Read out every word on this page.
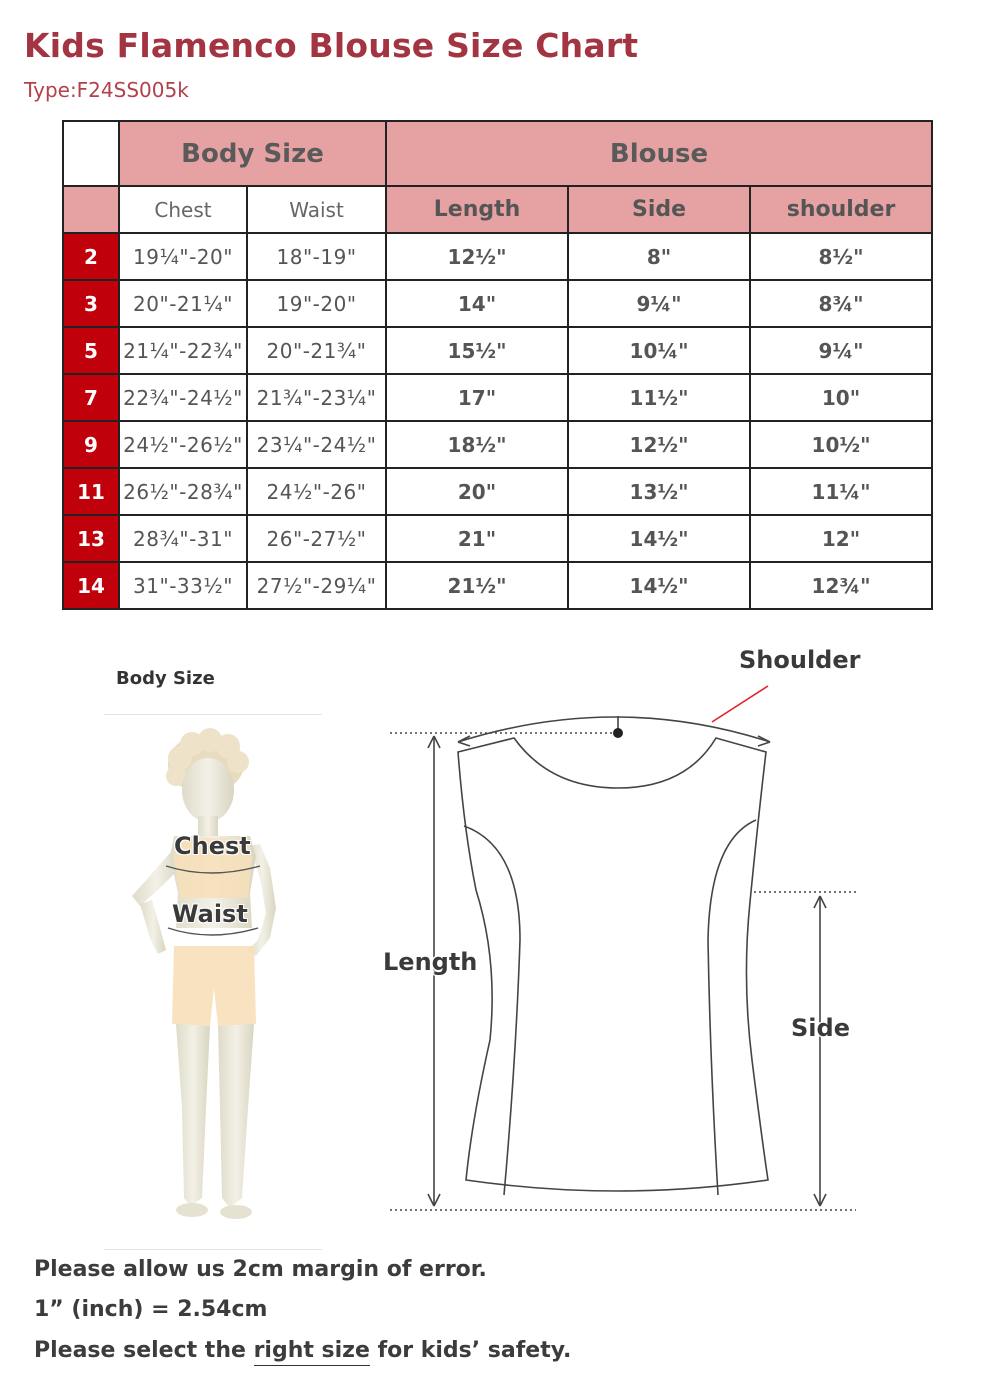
Kids Flamenco Blouse Size Chart
Type:F24SS005k
	Body Size		Blouse		
	Chest	Waist	Length	Side	shoulder
2	19¼"-20"	18"-19"	12½"	8"	8½"
3	20"-21¼"	19"-20"	14"	9¼"	8¾"
5	21¼"-22¾"	20"-21¾"	15½"	10¼"	9¼"
7	22¾"-24½"	21¾"-23¼"	17"	11½"	10"
9	24½"-26½"	23¼"-24½"	18½"	12½"	10½"
11	26½"-28¾"	24½"-26"	20"	13½"	11¼"
13	28¾"-31"	26"-27½"	21"	14½"	12"
14	31"-33½"	27½"-29¼"	21½"	14½"	12¾"
Body Size
Chest
Waist
Shoulder
Length
Side
Please allow us 2cm margin of error.
1” (inch) = 2.54cm
Please select the right size for kids’ safety.
